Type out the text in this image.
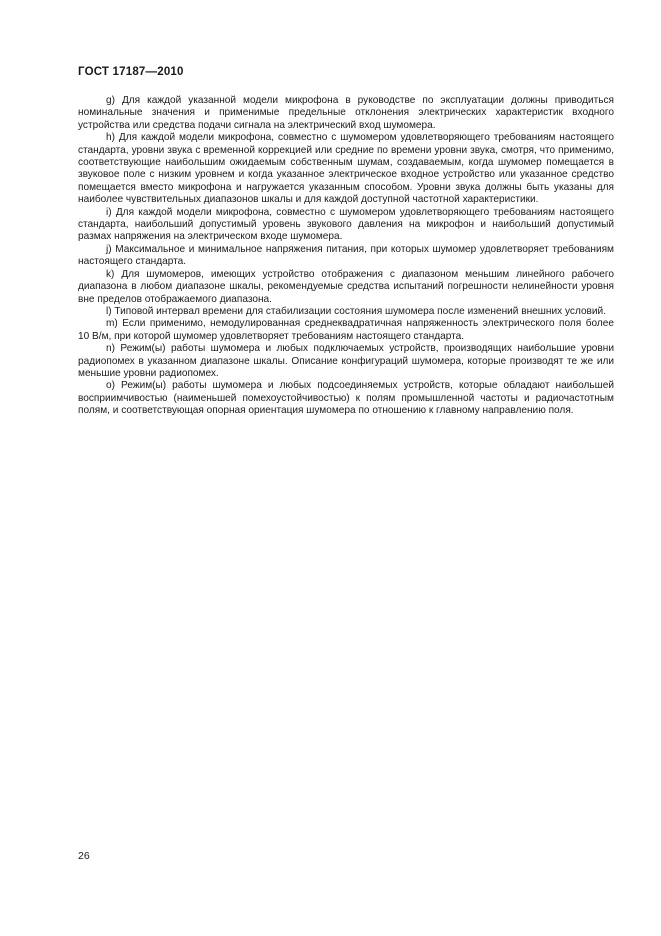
ГОСТ 17187—2010

g) Для каждой указанной модели микрофона в руководстве по эксплуатации должны приводиться номинальные значения и применимые предельные отклонения электрических характеристик входного устройства или средства подачи сигнала на электрический вход шумомера.

h) Для каждой модели микрофона, совместно с шумомером удовлетворяющего требованиям настоящего стандарта, уровни звука с временной коррекцией или средние по времени уровни звука, смотря, что применимо, соответствующие наибольшим ожидаемым собственным шумам, создаваемым, когда шумомер помещается в звуковое поле с низким уровнем и когда указанное электрическое входное устройство или указанное средство помещается вместо микрофона и нагружается указанным способом. Уровни звука должны быть указаны для наиболее чувствительных диапазонов шкалы и для каждой доступной частотной характеристики.

i) Для каждой модели микрофона, совместно с шумомером удовлетворяющего требованиям настоящего стандарта, наибольший допустимый уровень звукового давления на микрофон и наибольший допустимый размах напряжения на электрическом входе шумомера.

j) Максимальное и минимальное напряжения питания, при которых шумомер удовлетворяет требованиям настоящего стандарта.

k) Для шумомеров, имеющих устройство отображения с диапазоном меньшим линейного рабочего диапазона в любом диапазоне шкалы, рекомендуемые средства испытаний погрешности нелинейности уровня вне пределов отображаемого диапазона.

l) Типовой интервал времени для стабилизации состояния шумомера после изменений внешних условий.

m) Если применимо, немодулированная среднеквадратичная напряженность электрического поля более 10 В/м, при которой шумомер удовлетворяет требованиям настоящего стандарта.

n) Режим(ы) работы шумомера и любых подключаемых устройств, производящих наибольшие уровни радиопомех в указанном диапазоне шкалы. Описание конфигураций шумомера, которые производят те же или меньшие уровни радиопомех.

o) Режим(ы) работы шумомера и любых подсоединяемых устройств, которые обладают наибольшей восприимчивостью (наименьшей помехоустойчивостью) к полям промышленной частоты и радиочастотным полям, и соответствующая опорная ориентация шумомера по отношению к главному направлению поля.

26
